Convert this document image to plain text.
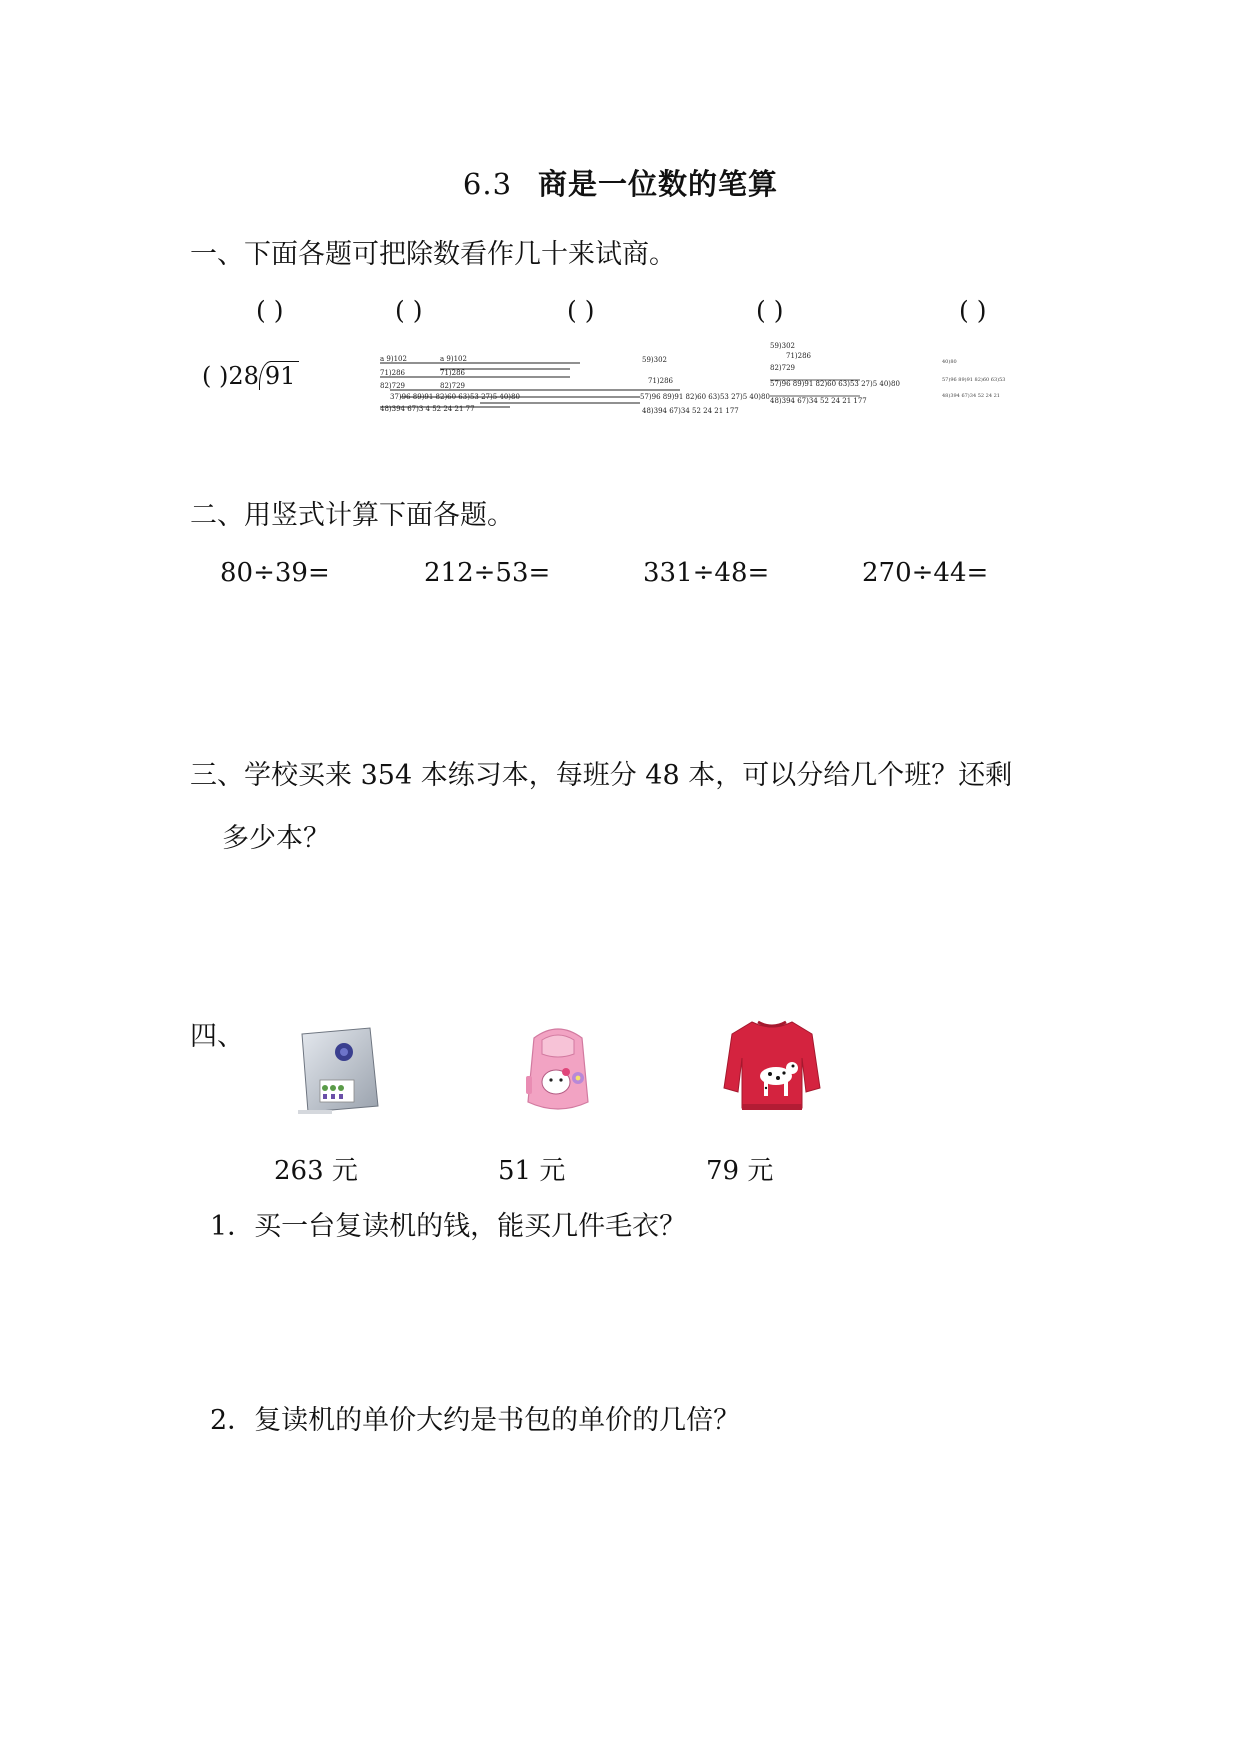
6.3 商是一位数的笔算
一、下面各题可把除数看作几十来试商。
( )	( )	( )	( )	( )
( )28 91
a 9)102	a 9)102
71)286	71)286
82)729	82)729
37)96 89)91 82)60 63)53 27)5 40)80
48)394 67)3 4 52 24 21 77
59)302
71)286
57)96 89)91 82)60 63)53 27)5 40)80
48)394 67)34 52 24 21 177
59)302
71)286
82)729
57)96 89)91 82)60 63)53 27)5 40)80
48)394 67)34 52 24 21 177
40)80
57)96 89)91 82)60 63)53
48)394 67)34 52 24 21
二、用竖式计算下面各题。
80÷39=	212÷53=	331÷48=	270÷44=
三、学校买来 354 本练习本，每班分 48 本，可以分给几个班？还剩
多少本？
四、
263 元	51 元	79 元
1．买一台复读机的钱，能买几件毛衣？
2．复读机的单价大约是书包的单价的几倍？
